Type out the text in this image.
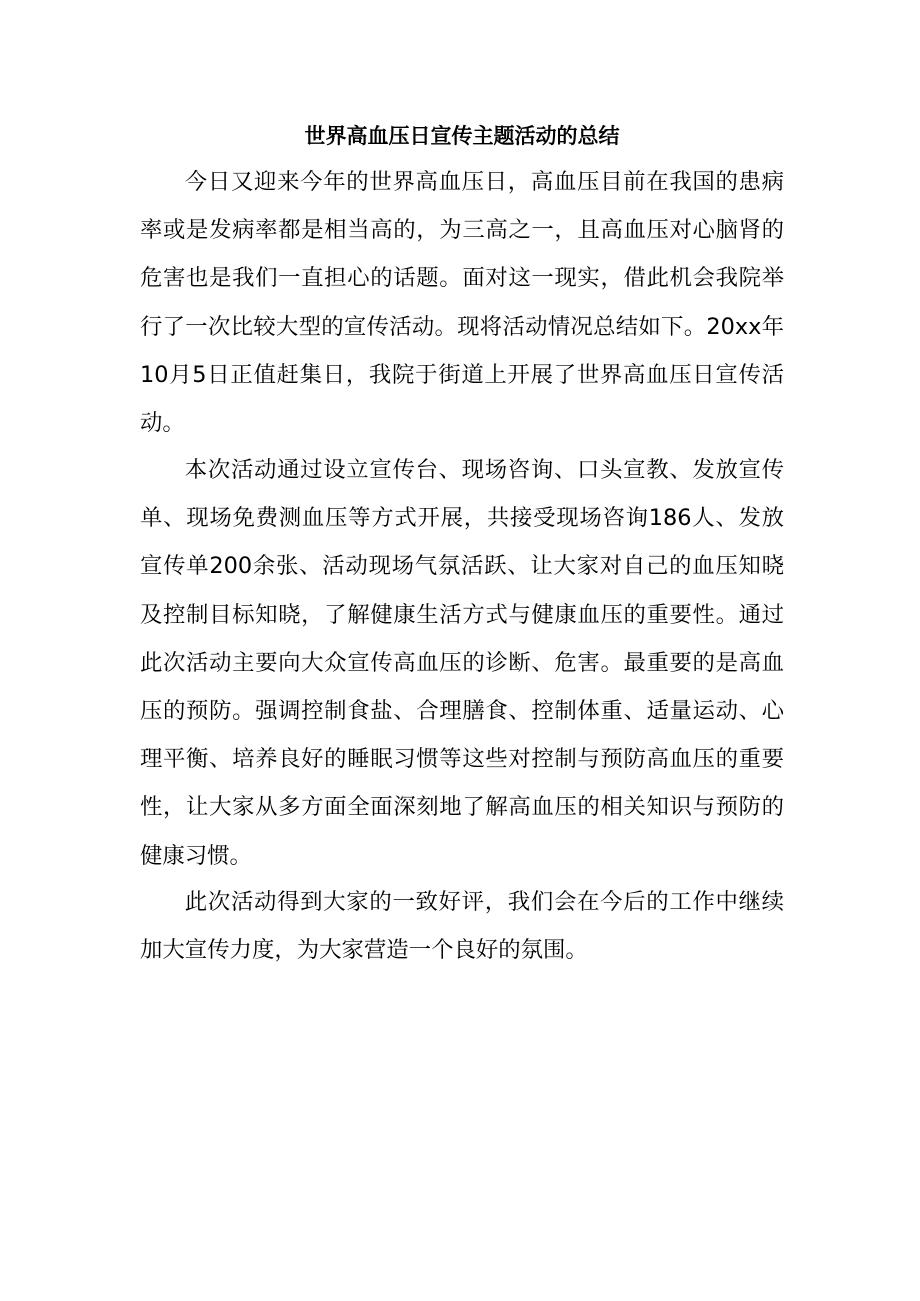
世界高血压日宣传主题活动的总结

今日又迎来今年的世界高血压日，高血压目前在我国的患病率或是发病率都是相当高的，为三高之一，且高血压对心脑肾的危害也是我们一直担心的话题。面对这一现实，借此机会我院举行了一次比较大型的宣传活动。现将活动情况总结如下。20xx年10月5日正值赶集日，我院于街道上开展了世界高血压日宣传活动。

本次活动通过设立宣传台、现场咨询、口头宣教、发放宣传单、现场免费测血压等方式开展，共接受现场咨询186人、发放宣传单200余张、活动现场气氛活跃、让大家对自己的血压知晓及控制目标知晓，了解健康生活方式与健康血压的重要性。通过此次活动主要向大众宣传高血压的诊断、危害。最重要的是高血压的预防。强调控制食盐、合理膳食、控制体重、适量运动、心理平衡、培养良好的睡眠习惯等这些对控制与预防高血压的重要性，让大家从多方面全面深刻地了解高血压的相关知识与预防的健康习惯。

此次活动得到大家的一致好评，我们会在今后的工作中继续加大宣传力度，为大家营造一个良好的氛围。
